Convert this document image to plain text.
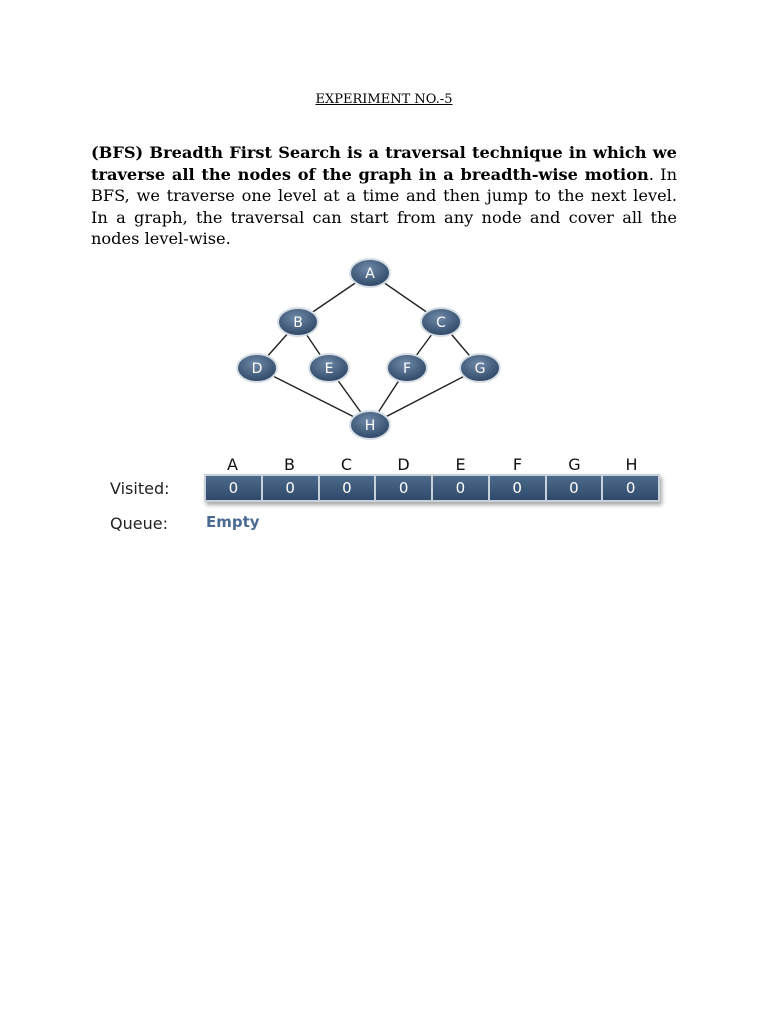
EXPERIMENT NO.-5
(BFS) Breadth First Search is a traversal technique in which we traverse all the nodes of the graph in a breadth-wise motion. In BFS, we traverse one level at a time and then jump to the next level. In a graph, the traversal can start from any node and cover all the nodes level-wise.
A
B	C
D	E	F	G
H
A	B	C	D	E	F	G	H
Visited:	0	0	0	0	0	0	0	0
Queue:	Empty
